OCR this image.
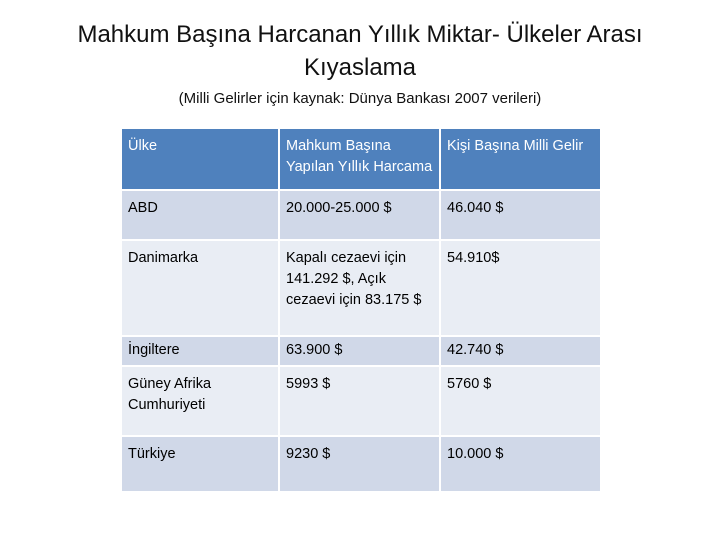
Mahkum Başına Harcanan Yıllık Miktar- Ülkeler Arası Kıyaslama
(Milli Gelirler için kaynak: Dünya Bankası 2007 verileri)
Ülke	Mahkum Başına Yapılan Yıllık Harcama	Kişi Başına Milli Gelir
ABD	20.000-25.000 $	46.040 $
Danimarka	Kapalı cezaevi için 141.292 $, Açık cezaevi için 83.175 $	54.910$
İngiltere	63.900 $	42.740 $
Güney Afrika Cumhuriyeti	5993 $	5760 $
Türkiye	9230 $	10.000 $
